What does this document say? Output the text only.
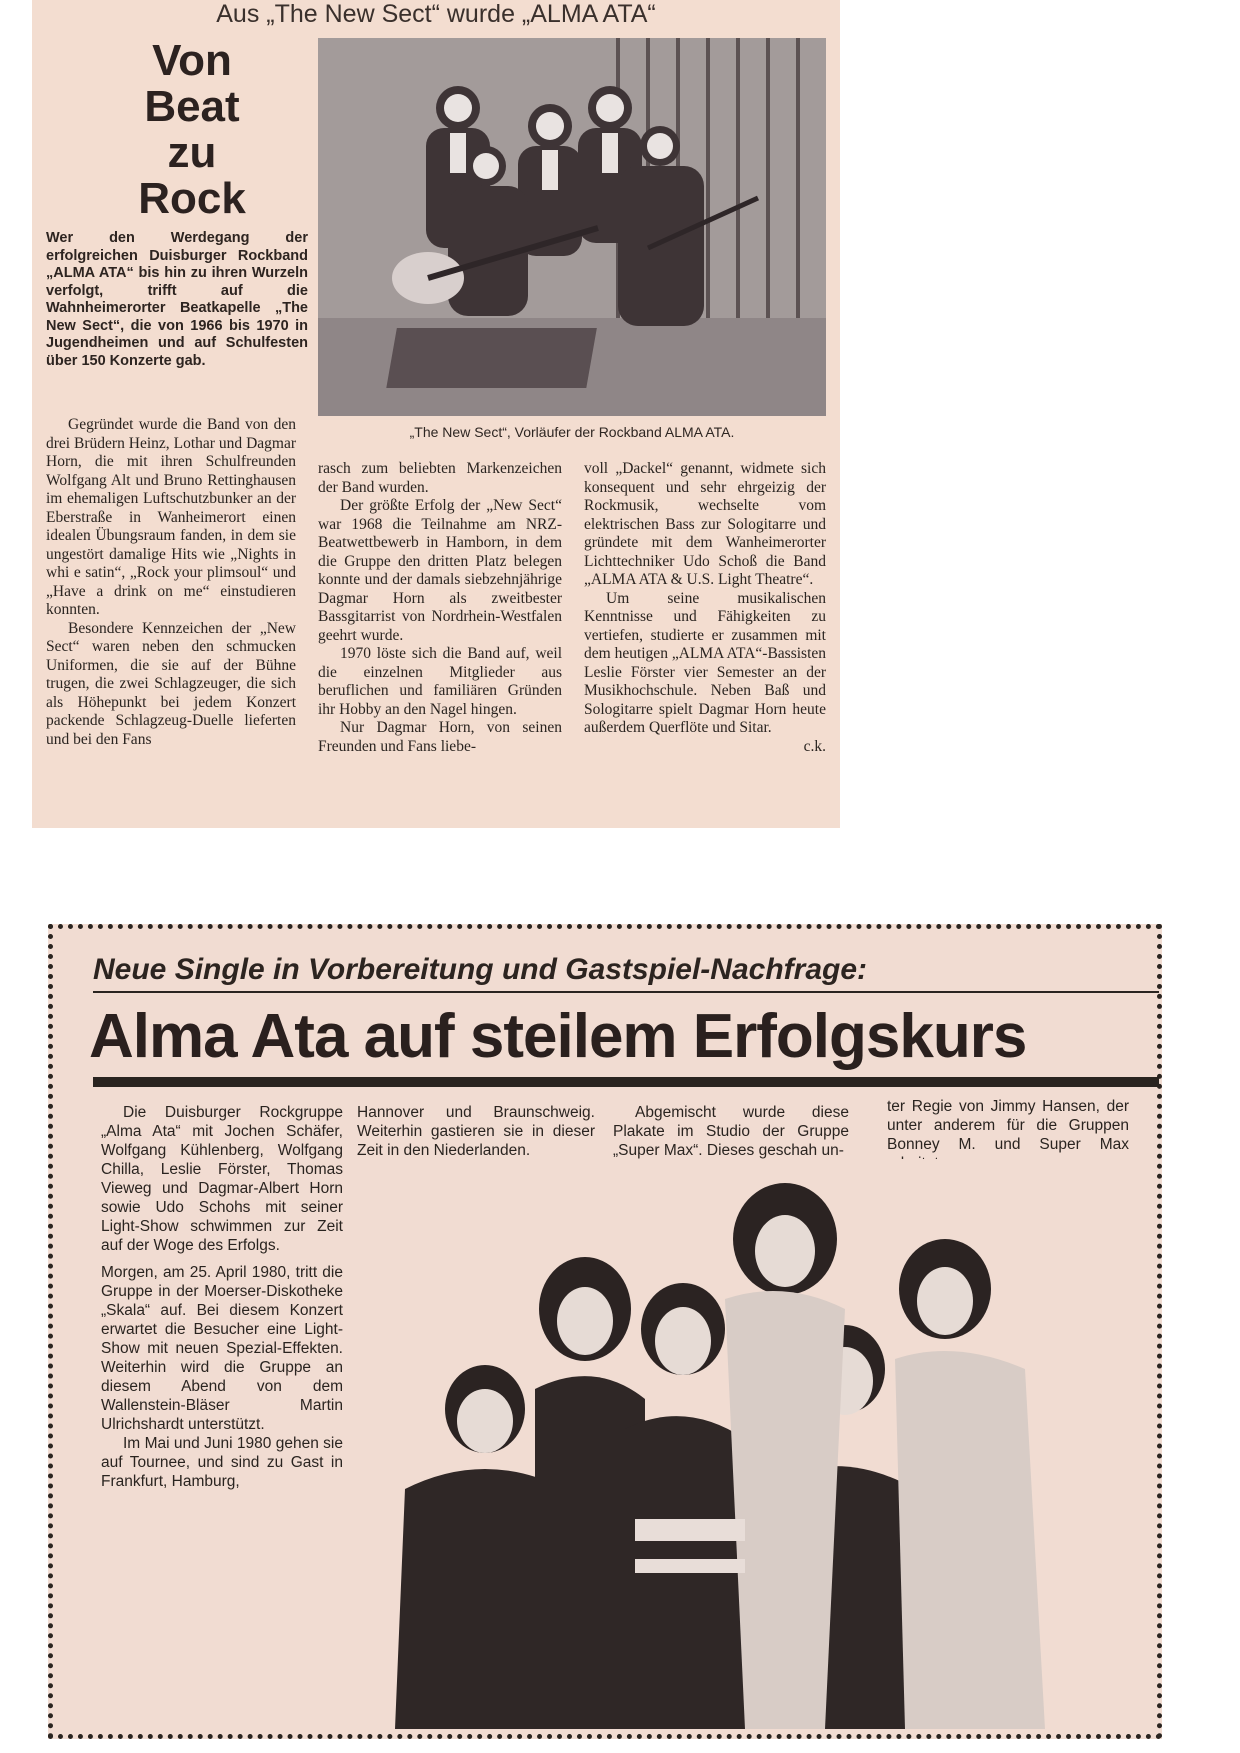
Aus „The New Sect“ wurde „ALMA ATA“
Von
Beat
zu
Rock
Wer den Werdegang der erfolgreichen Duisburger Rockband „ALMA ATA“ bis hin zu ihren Wurzeln verfolgt, trifft auf die Wahnheimerorter Beatkapelle „The New Sect“, die von 1966 bis 1970 in Jugendheimen und auf Schulfesten über 150 Konzerte gab.
„The New Sect“, Vorläufer der Rockband ALMA ATA.

Gegründet wurde die Band von den drei Brüdern Heinz, Lothar und Dagmar Horn, die mit ihren Schulfreunden Wolfgang Alt und Bruno Rettinghausen im ehemaligen Luftschutzbunker an der Eberstraße in Wanheimerort einen idealen Übungsraum fanden, in dem sie ungestört damalige Hits wie „Nights in whi e satin“, „Rock your plimsoul“ und „Have a drink on me“ einstudieren konnten.

Besondere Kennzeichen der „New Sect“ waren neben den schmucken Uniformen, die sie auf der Bühne trugen, die zwei Schlagzeuger, die sich als Höhepunkt bei jedem Konzert packende Schlagzeug-Duelle lieferten und bei den Fans

rasch zum beliebten Markenzeichen der Band wurden.

Der größte Erfolg der „New Sect“ war 1968 die Teilnahme am NRZ-Beatwettbewerb in Hamborn, in dem die Gruppe den dritten Platz belegen konnte und der damals siebzehnjährige Dagmar Horn als zweitbester Bassgitarrist von Nordrhein-Westfalen geehrt wurde.

1970 löste sich die Band auf, weil die einzelnen Mitglieder aus beruflichen und familiären Gründen ihr Hobby an den Nagel hingen.

Nur Dagmar Horn, von seinen Freunden und Fans liebe-

voll „Dackel“ genannt, widmete sich konsequent und sehr ehrgeizig der Rockmusik, wechselte vom elektrischen Bass zur Sologitarre und gründete mit dem Wanheimerorter Lichttechniker Udo Schoß die Band „ALMA ATA & U.S. Light Theatre“.

Um seine musikalischen Kenntnisse und Fähigkeiten zu vertiefen, studierte er zusammen mit dem heutigen „ALMA ATA“-Bassisten Leslie Förster vier Semester an der Musikhochschule. Neben Baß und Sologitarre spielt Dagmar Horn heute außerdem Querflöte und Sitar.

c.k.
Neue Single in Vorbereitung und Gastspiel-Nachfrage:
Alma Ata auf steilem Erfolgskurs

Die Duisburger Rockgruppe „Alma Ata“ mit Jochen Schäfer, Wolfgang Kühlenberg, Wolfgang Chilla, Leslie Förster, Thomas Vieweg und Dagmar-Albert Horn sowie Udo Schohs mit seiner Light-Show schwimmen zur Zeit auf der Woge des Erfolgs.

Morgen, am 25. April 1980, tritt die Gruppe in der Moerser-Diskotheke „Skala“ auf. Bei diesem Konzert erwartet die Besucher eine Light-Show mit neuen Spezial-Effekten. Weiterhin wird die Gruppe an diesem Abend von dem Wallenstein-Bläser Martin Ulrichshardt unterstützt.

Im Mai und Juni 1980 gehen sie auf Tournee, und sind zu Gast in Frankfurt, Hamburg,

Hannover und Braunschweig. Weiterhin gastieren sie in dieser Zeit in den Niederlanden.

Abgemischt wurde diese Plakate im Studio der Gruppe „Super Max“. Dieses geschah un-

ter Regie von Jimmy Hansen, der unter anderem für die Gruppen Bonney M. und Super Max
